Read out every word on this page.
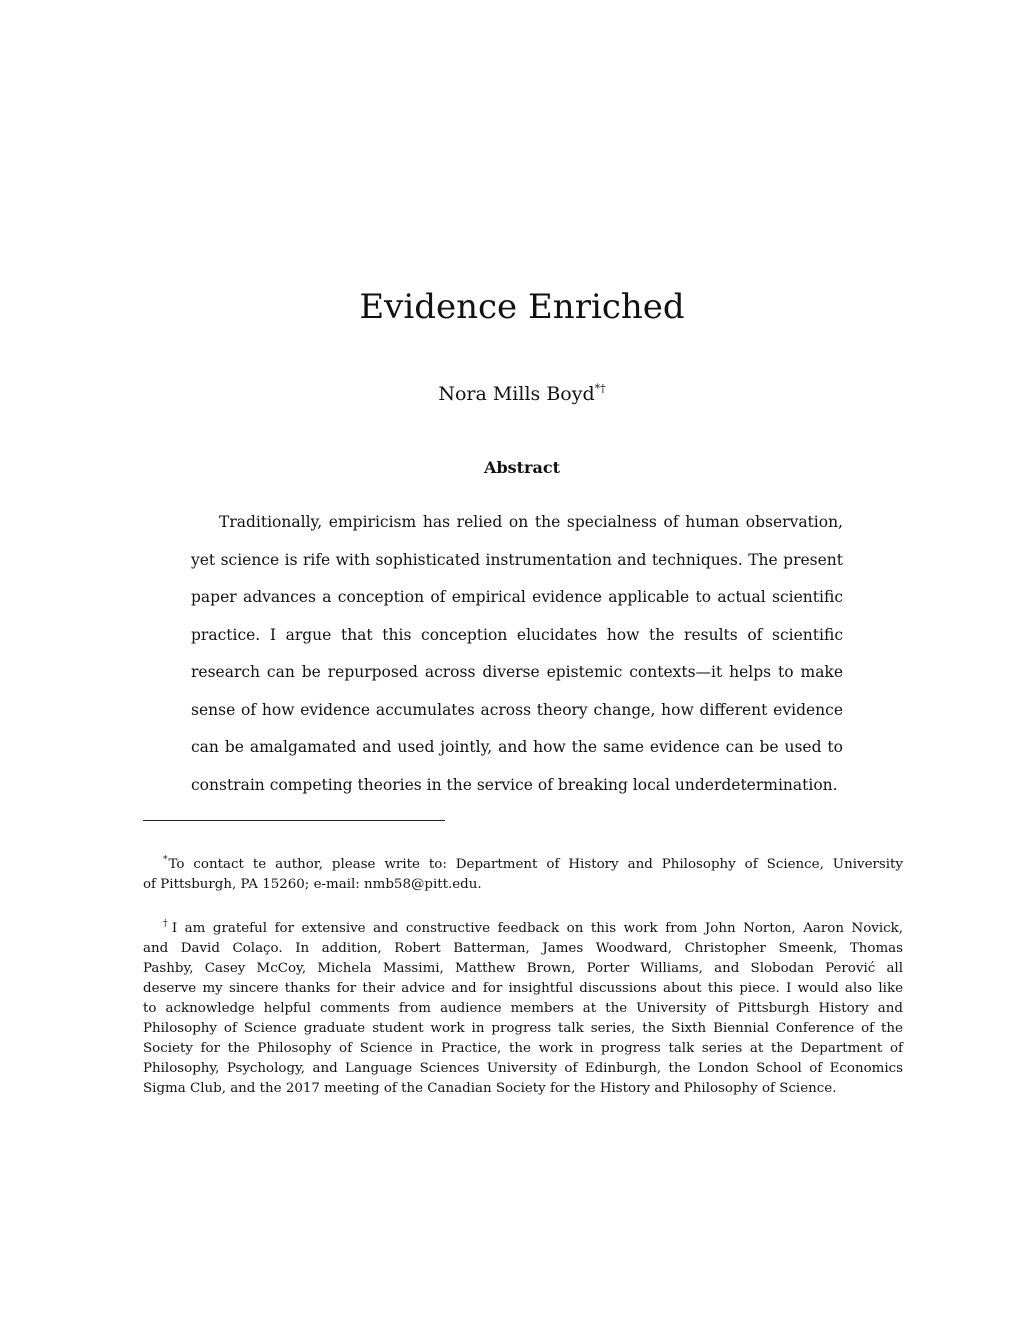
Evidence Enriched
Nora Mills Boyd*†
Abstract
Traditionally, empiricism has relied on the specialness of human observation,
yet science is rife with sophisticated instrumentation and techniques. The present
paper advances a conception of empirical evidence applicable to actual scientific
practice. I argue that this conception elucidates how the results of scientific
research can be repurposed across diverse epistemic contexts—it helps to make
sense of how evidence accumulates across theory change, how different evidence
can be amalgamated and used jointly, and how the same evidence can be used to
constrain competing theories in the service of breaking local underdetermination.
*To contact te author, please write to: Department of History and Philosophy of Science, University
of Pittsburgh, PA 15260; e-mail: nmb58@pitt.edu.
†I am grateful for extensive and constructive feedback on this work from John Norton, Aaron Novick,
and David Colaço. In addition, Robert Batterman, James Woodward, Christopher Smeenk, Thomas
Pashby, Casey McCoy, Michela Massimi, Matthew Brown, Porter Williams, and Slobodan Perović all
deserve my sincere thanks for their advice and for insightful discussions about this piece. I would also like
to acknowledge helpful comments from audience members at the University of Pittsburgh History and
Philosophy of Science graduate student work in progress talk series, the Sixth Biennial Conference of the
Society for the Philosophy of Science in Practice, the work in progress talk series at the Department of
Philosophy, Psychology, and Language Sciences University of Edinburgh, the London School of Economics
Sigma Club, and the 2017 meeting of the Canadian Society for the History and Philosophy of Science.
